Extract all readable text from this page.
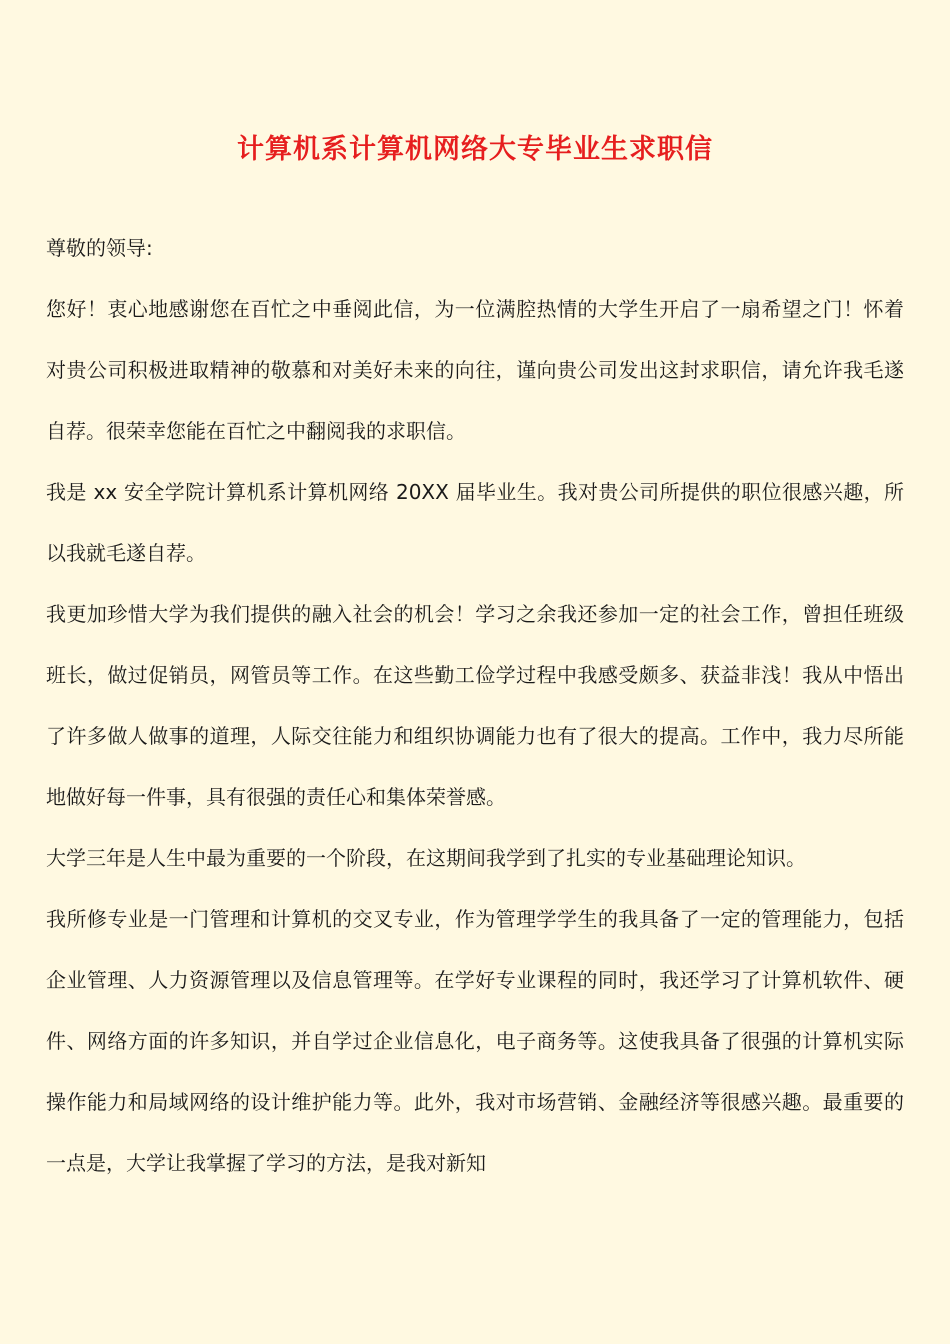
计算机系计算机网络大专毕业生求职信

尊敬的领导:

您好！衷心地感谢您在百忙之中垂阅此信，为一位满腔热情的大学生开启了一扇希望之门！怀着对贵公司积极进取精神的敬慕和对美好未来的向往，谨向贵公司发出这封求职信，请允许我毛遂自荐。很荣幸您能在百忙之中翻阅我的求职信。

我是 xx 安全学院计算机系计算机网络 20XX 届毕业生。我对贵公司所提供的职位很感兴趣，所以我就毛遂自荐。

我更加珍惜大学为我们提供的融入社会的机会！学习之余我还参加一定的社会工作，曾担任班级班长，做过促销员，网管员等工作。在这些勤工俭学过程中我感受颇多、获益非浅！我从中悟出了许多做人做事的道理，人际交往能力和组织协调能力也有了很大的提高。工作中，我力尽所能地做好每一件事，具有很强的责任心和集体荣誉感。

大学三年是人生中最为重要的一个阶段，在这期间我学到了扎实的专业基础理论知识。

我所修专业是一门管理和计算机的交叉专业，作为管理学学生的我具备了一定的管理能力，包括企业管理、人力资源管理以及信息管理等。在学好专业课程的同时，我还学习了计算机软件、硬件、网络方面的许多知识，并自学过企业信息化，电子商务等。这使我具备了很强的计算机实际操作能力和局域网络的设计维护能力等。此外，我对市场营销、金融经济等很感兴趣。最重要的一点是，大学让我掌握了学习的方法，是我对新知
